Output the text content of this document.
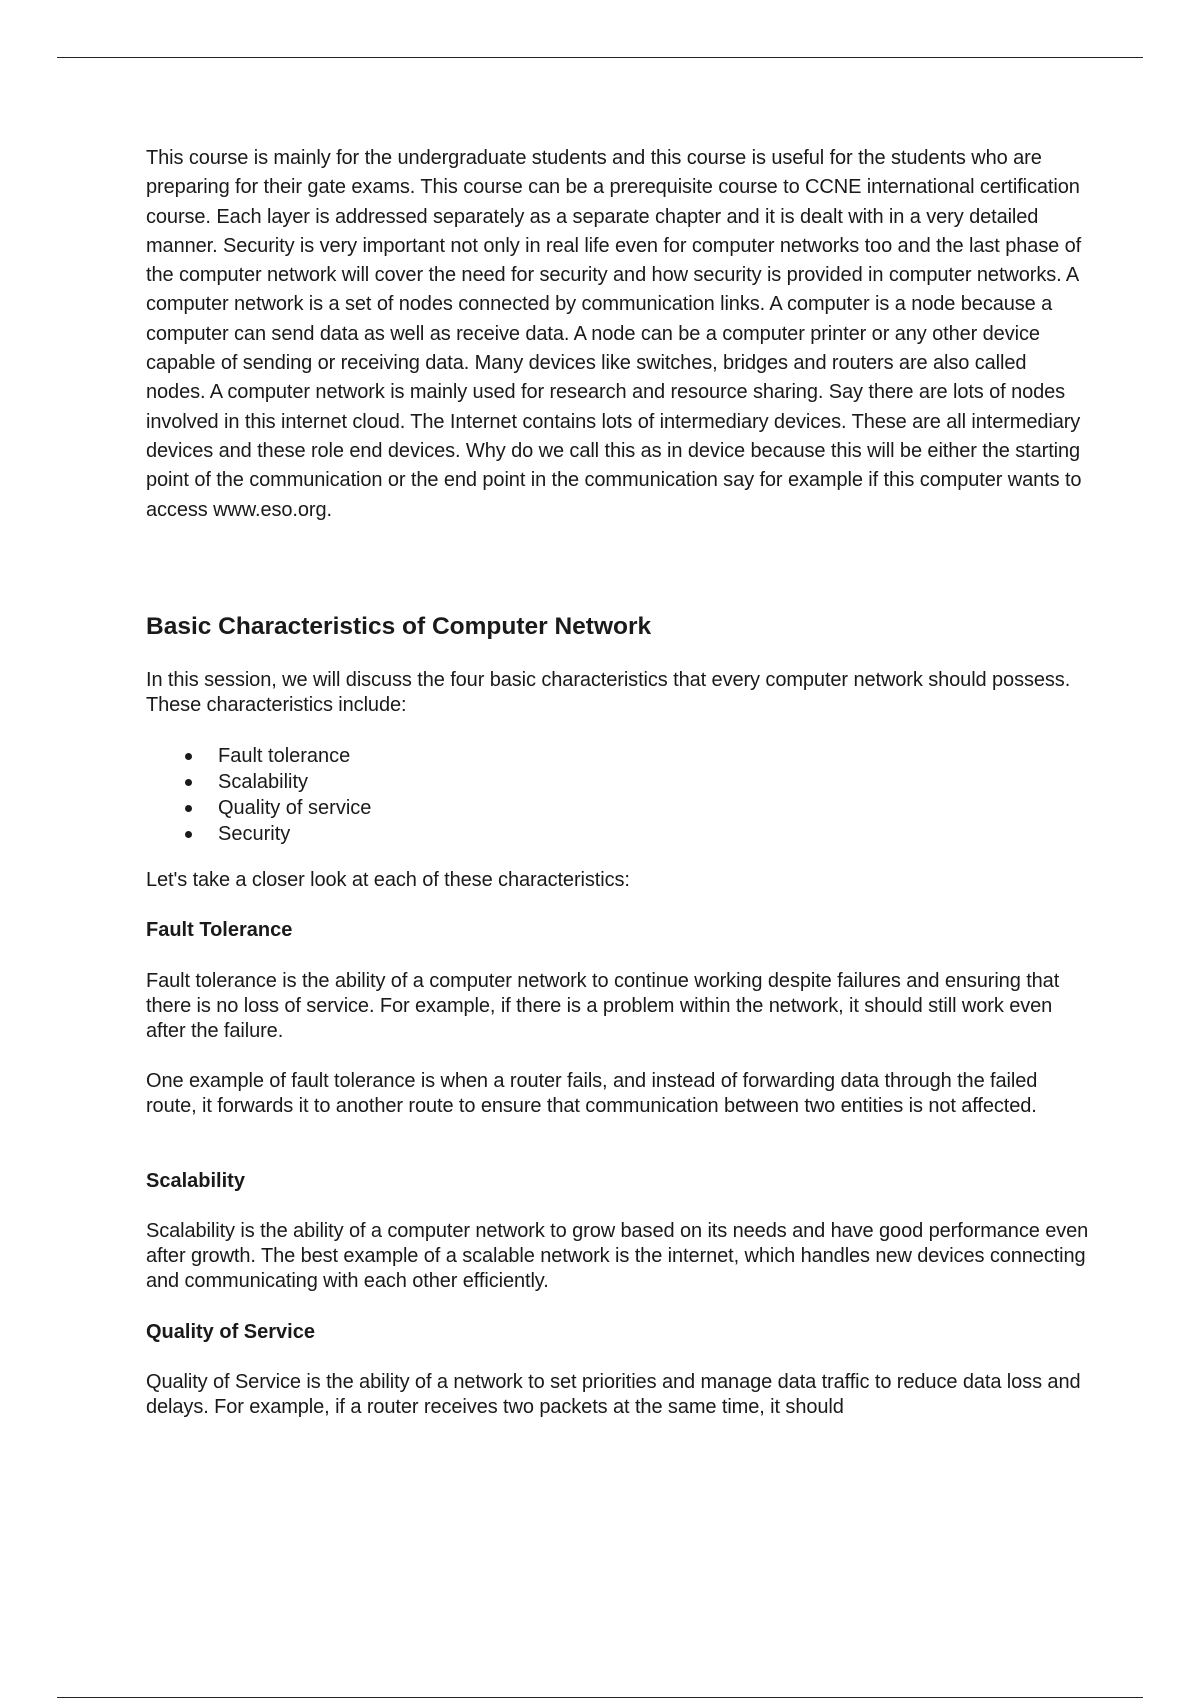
This course is mainly for the undergraduate students and this course is useful for the students who are preparing for their gate exams. This course can be a prerequisite course to CCNE international certification course. Each layer is addressed separately as a separate chapter and it is dealt with in a very detailed manner. Security is very important not only in real life even for computer networks too and the last phase of the computer network will cover the need for security and how security is provided in computer networks. A computer network is a set of nodes connected by communication links. A computer is a node because a computer can send data as well as receive data. A node can be a computer printer or any other device capable of sending or receiving data. Many devices like switches, bridges and routers are also called nodes. A computer network is mainly used for research and resource sharing. Say there are lots of nodes involved in this internet cloud. The Internet contains lots of intermediary devices. These are all intermediary devices and these role end devices. Why do we call this as in device because this will be either the starting point of the communication or the end point in the communication say for example if this computer wants to access www.eso.org.

Basic Characteristics of Computer Network

In this session, we will discuss the four basic characteristics that every computer network should possess. These characteristics include:

Fault tolerance
Scalability
Quality of service
Security

Let's take a closer look at each of these characteristics:

Fault Tolerance

Fault tolerance is the ability of a computer network to continue working despite failures and ensuring that there is no loss of service. For example, if there is a problem within the network, it should still work even after the failure.

One example of fault tolerance is when a router fails, and instead of forwarding data through the failed route, it forwards it to another route to ensure that communication between two entities is not affected.

Scalability

Scalability is the ability of a computer network to grow based on its needs and have good performance even after growth. The best example of a scalable network is the internet, which handles new devices connecting and communicating with each other efficiently.

Quality of Service

Quality of Service is the ability of a network to set priorities and manage data traffic to reduce data loss and delays. For example, if a router receives two packets at the same time, it should
